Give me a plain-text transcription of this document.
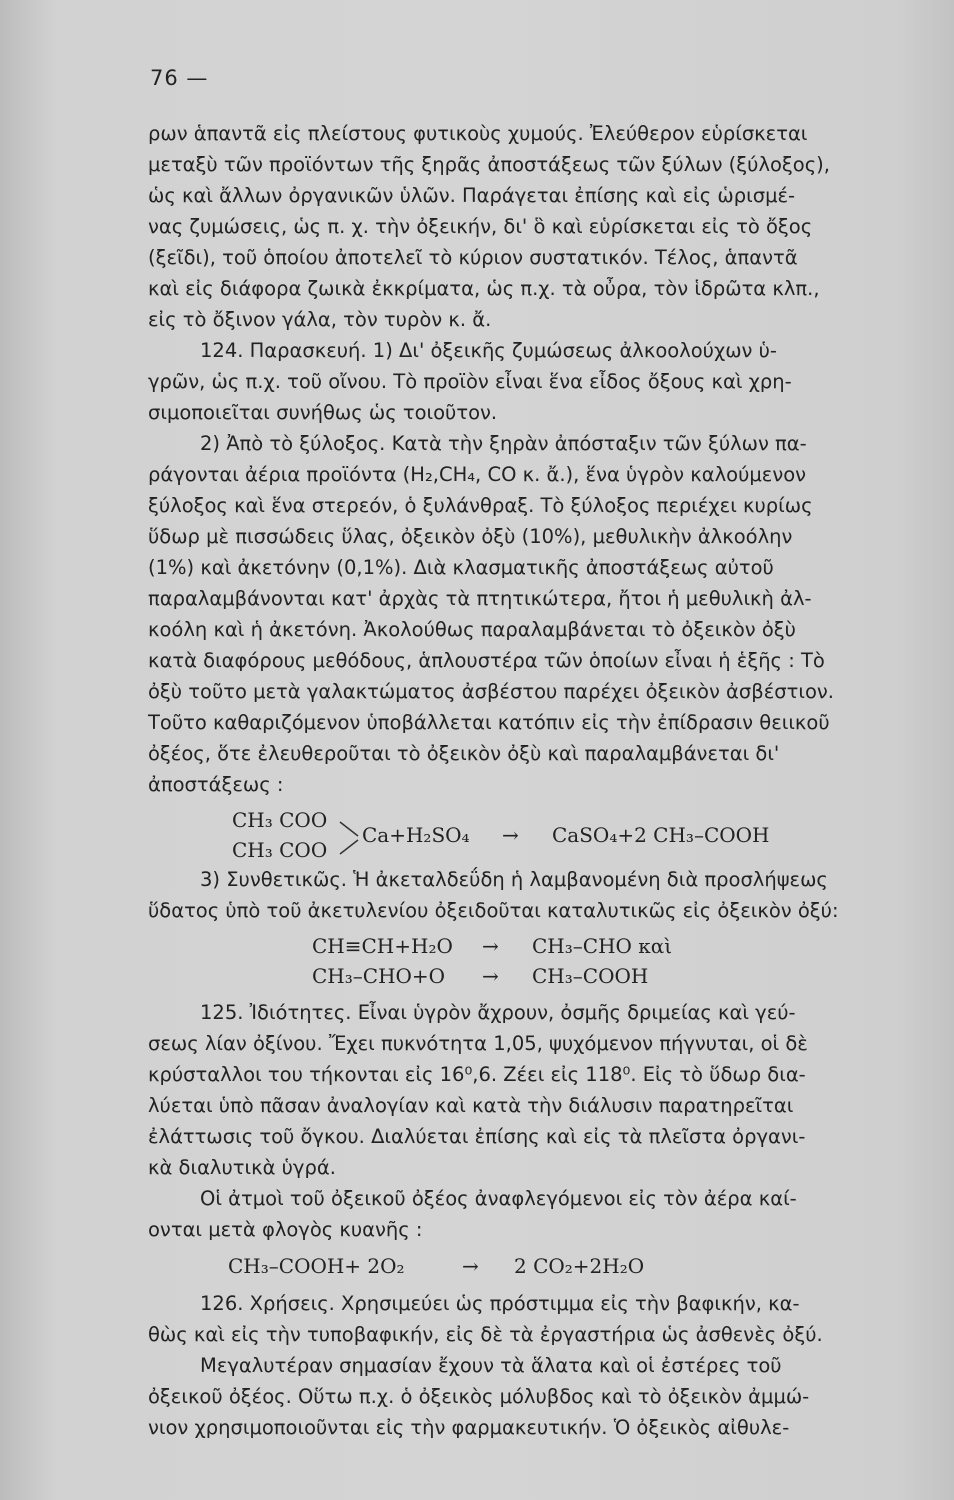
76 —
ρων ἁπαντᾶ εἰς πλείστους φυτικοὺς χυμούς. Ἐλεύθερον εὑρίσκεται
μεταξὺ τῶν προϊόντων τῆς ξηρᾶς ἀποστάξεως τῶν ξύλων (ξύλοξος),
ὡς καὶ ἄλλων ὀργανικῶν ὑλῶν. Παράγεται ἐπίσης καὶ εἰς ὡρισμέ-
νας ζυμώσεις, ὡς π. χ. τὴν ὀξεικήν, δι' ὃ καὶ εὑρίσκεται εἰς τὸ ὄξος
(ξεῖδι), τοῦ ὁποίου ἀποτελεῖ τὸ κύριον συστατικόν. Τέλος, ἁπαντᾶ
καὶ εἰς διάφορα ζωικὰ ἐκκρίματα, ὡς π.χ. τὰ οὖρα, τὸν ἱδρῶτα κλπ.,
εἰς τὸ ὄξινον γάλα, τὸν τυρὸν κ. ἄ.
124. Παρασκευή. 1) Δι' ὀξεικῆς ζυμώσεως ἀλκοολούχων ὑ-
γρῶν, ὡς π.χ. τοῦ οἴνου. Τὸ προϊὸν εἶναι ἕνα εἶδος ὄξους καὶ χρη-
σιμοποιεῖται συνήθως ὡς τοιοῦτον.
2) Ἀπὸ τὸ ξύλοξος. Κατὰ τὴν ξηρὰν ἀπόσταξιν τῶν ξύλων πα-
ράγονται ἀέρια προϊόντα (H₂,CH₄, CO κ. ἄ.), ἕνα ὑγρὸν καλούμενον
ξύλοξος καὶ ἕνα στερεόν, ὁ ξυλάνθραξ. Τὸ ξύλοξος περιέχει κυρίως
ὕδωρ μὲ πισσώδεις ὕλας, ὀξεικὸν ὀξὺ (10%), μεθυλικὴν ἀλκοόλην
(1%) καὶ ἀκετόνην (0,1%). Διὰ κλασματικῆς ἀποστάξεως αὐτοῦ
παραλαμβάνονται κατ' ἀρχὰς τὰ πτητικώτερα, ἤτοι ἡ μεθυλικὴ ἀλ-
κοόλη καὶ ἡ ἀκετόνη. Ἀκολούθως παραλαμβάνεται τὸ ὀξεικὸν ὀξὺ
κατὰ διαφόρους μεθόδους, ἁπλουστέρα τῶν ὁποίων εἶναι ἡ ἑξῆς : Τὸ
ὀξὺ τοῦτο μετὰ γαλακτώματος ἀσβέστου παρέχει ὀξεικὸν ἀσβέστιον.
Τοῦτο καθαριζόμενον ὑποβάλλεται κατόπιν εἰς τὴν ἐπίδρασιν θειικοῦ
ὀξέος, ὅτε ἐλευθεροῦται τὸ ὀξεικὸν ὀξὺ καὶ παραλαμβάνεται δι'
ἀποστάξεως :
CH₃ COO
CH₃ COO
Ca+H₂SO₄ → CaSO₄+2 CH₃–COOH
3) Συνθετικῶς. Ἡ ἀκεταλδεΰδη ἡ λαμβανομένη διὰ προσλήψεως
ὕδατος ὑπὸ τοῦ ἀκετυλενίου ὀξειδοῦται καταλυτικῶς εἰς ὀξεικὸν ὀξύ:
CH≡CH+H₂O → CH₃–CHO καὶ
CH₃–CHO+O → CH₃–COOH
125. Ἰδιότητες. Εἶναι ὑγρὸν ἄχρουν, ὀσμῆς δριμείας καὶ γεύ-
σεως λίαν ὀξίνου. Ἔχει πυκνότητα 1,05, ψυχόμενον πήγνυται, οἱ δὲ
κρύσταλλοι του τήκονται εἰς 16⁰,6. Ζέει εἰς 118⁰. Εἰς τὸ ὕδωρ δια-
λύεται ὑπὸ πᾶσαν ἀναλογίαν καὶ κατὰ τὴν διάλυσιν παρατηρεῖται
ἐλάττωσις τοῦ ὄγκου. Διαλύεται ἐπίσης καὶ εἰς τὰ πλεῖστα ὀργανι-
κὰ διαλυτικὰ ὑγρά.
Οἱ ἀτμοὶ τοῦ ὀξεικοῦ ὀξέος ἀναφλεγόμενοι εἰς τὸν ἀέρα καί-
ονται μετὰ φλογὸς κυανῆς :
CH₃–COOH+ 2O₂	→ 2 CO₂+2H₂O
126. Χρήσεις. Χρησιμεύει ὡς πρόστιμμα εἰς τὴν βαφικήν, κα-
θὼς καὶ εἰς τὴν τυποβαφικήν, εἰς δὲ τὰ ἐργαστήρια ὡς ἀσθενὲς ὀξύ.
Μεγαλυτέραν σημασίαν ἔχουν τὰ ἅλατα καὶ οἱ ἐστέρες τοῦ
ὀξεικοῦ ὀξέος. Οὕτω π.χ. ὁ ὀξεικὸς μόλυβδος καὶ τὸ ὀξεικὸν ἀμμώ-
νιον χρησιμοποιοῦνται εἰς τὴν φαρμακευτικήν. Ὁ ὀξεικὸς αἰθυλε-
